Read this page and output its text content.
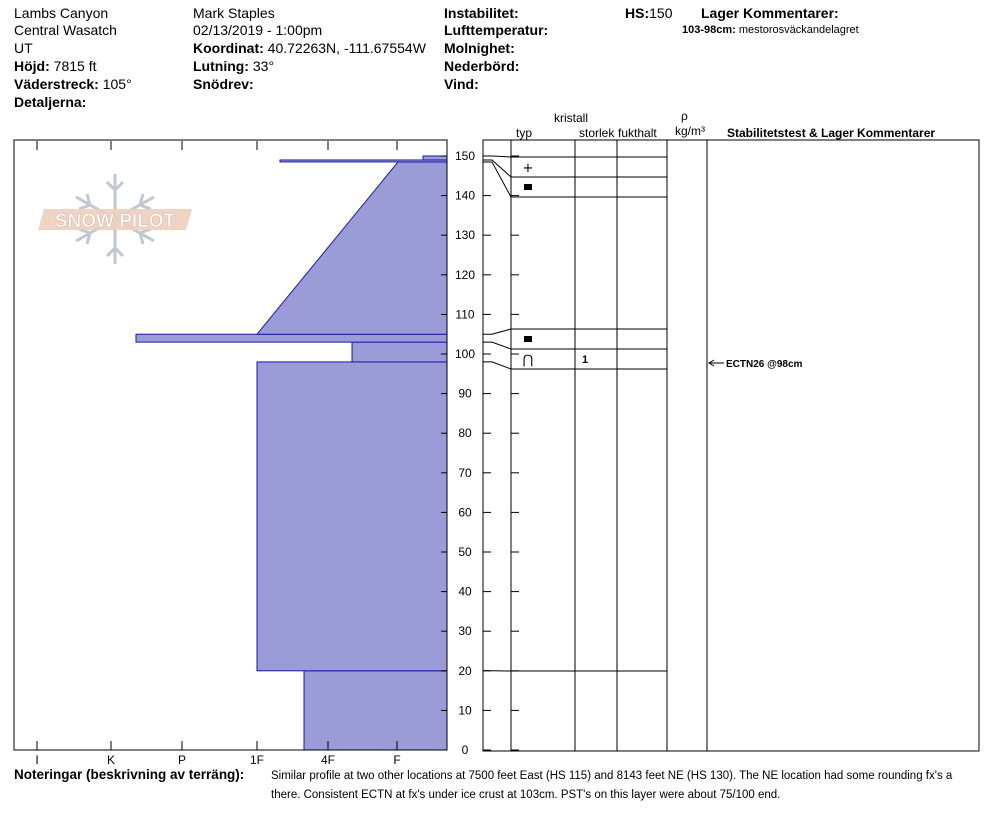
Lambs Canyon
Central Wasatch
UT
Höjd: 7815 ft
Väderstreck: 105°
Detaljerna:
Mark Staples
02/13/2019 - 1:00pm
Koordinat: 40.72263N, -111.67554W
Lutning: 33°
Snödrev:
Instabilitet:
Lufttemperatur:
Molnighet:
Nederbörd:
Vind:
HS:150 Lager Kommentarer:
103-98cm: mestorosväckandelagret
kristall
typ	storlek fukthalt
ρ
kg/m³ Stabilitetstest & Lager Kommentarer
SNOW PILOT
I	K	P	1F	4F	F
0
10
20
30
40
50
60
70
80
90
100
110
120
130
140
150
+
⋂	1	ECTN26 @98cm
Noteringar (beskrivning av terräng): Similar profile at two other locations at 7500 feet East (HS 115) and 8143 feet NE (HS 130). The NE location had some rounding fx's a
there. Consistent ECTN at fx's under ice crust at 103cm. PST's on this layer were about 75/100 end.
